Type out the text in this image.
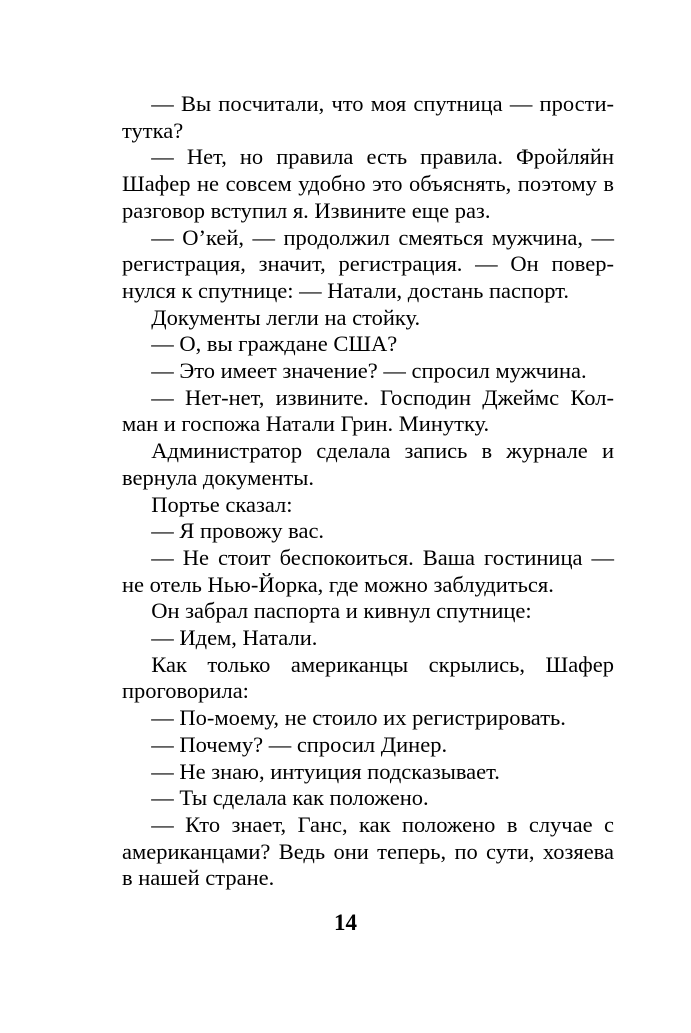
— Вы посчитали, что моя спутница — проститутка?

— Нет, но правила есть правила. Фройляйн Шафер не совсем удобно это объяснять, поэтому в разговор вступил я. Извините еще раз.

— О’кей, — продолжил смеяться мужчина, — регистрация, значит, регистрация. — Он повернулся к спутнице: — Натали, достань паспорт.

Документы легли на стойку.

— О, вы граждане США?

— Это имеет значение? — спросил мужчина.

— Нет-нет, извините. Господин Джеймс Колман и госпожа Натали Грин. Минутку.

Администратор сделала запись в журнале и вернула документы.

Портье сказал:

— Я провожу вас.

— Не стоит беспокоиться. Ваша гостиница — не отель Нью-Йорка, где можно заблудиться.

Он забрал паспорта и кивнул спутнице:

— Идем, Натали.

Как только американцы скрылись, Шафер проговорила:

— По-моему, не стоило их регистрировать.

— Почему? — спросил Динер.

— Не знаю, интуиция подсказывает.

— Ты сделала как положено.

— Кто знает, Ганс, как положено в случае с американцами? Ведь они теперь, по сути, хозяева в нашей стране.

14
